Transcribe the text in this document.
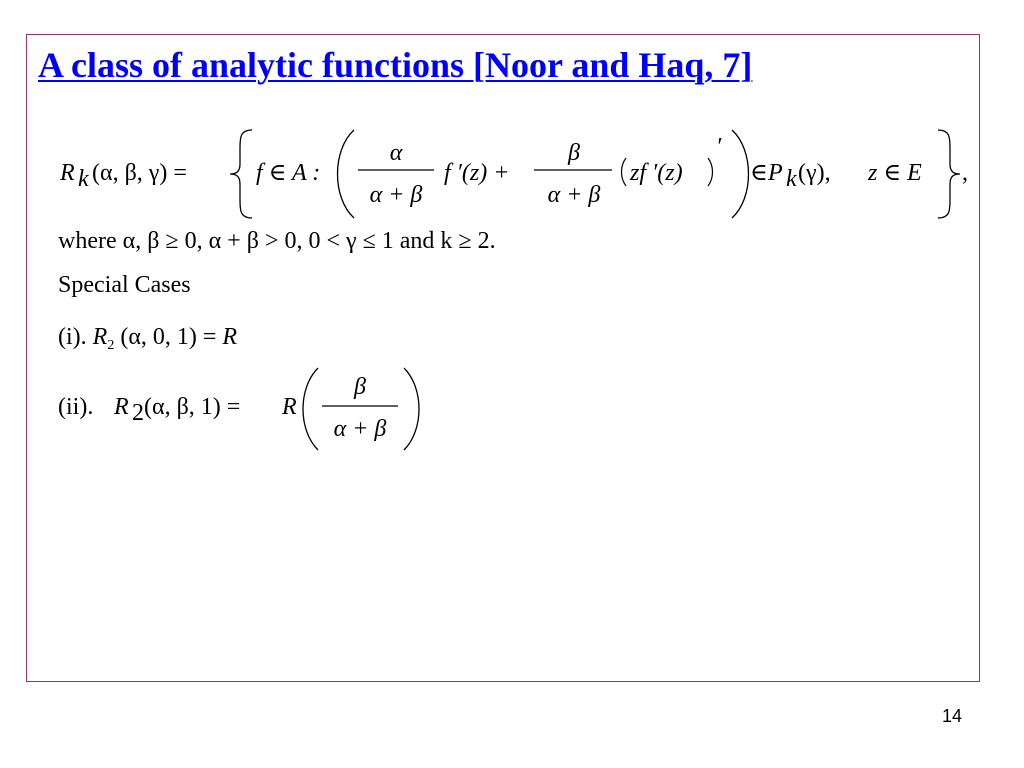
A class of analytic functions [Noor and Haq, 7]
R k (α, β, γ) =	f ∈ A :
α
α + β
f ′(z) +
β
α + β
zf ′(z)
′
∈ P k (γ), z ∈ E ,
where α, β ≥ 0, α + β > 0, 0 < γ ≤ 1 and k ≥ 2.
Special Cases
(i). $R_2$ (α, 0, 1) = R
(ii). R 2 (α, β, 1) = R
β
α + β
14
